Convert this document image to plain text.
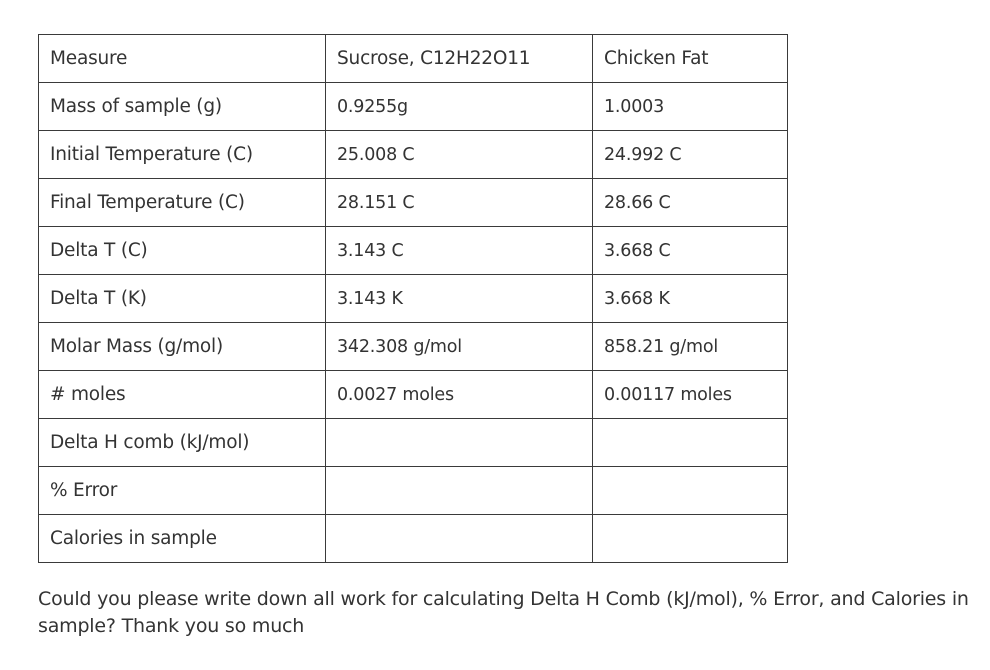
Measure	Sucrose, C12H22O11	Chicken Fat
Mass of sample (g)	0.9255g	1.0003
Initial Temperature (C)	25.008 C	24.992 C
Final Temperature (C)	28.151 C	28.66 C
Delta T (C)	3.143 C	3.668 C
Delta T (K)	3.143 K	3.668 K
Molar Mass (g/mol)	342.308 g/mol	858.21 g/mol
# moles	0.0027 moles	0.00117 moles
Delta H comb (kJ/mol)		
% Error		
Calories in sample		
Could you please write down all work for calculating Delta H Comb (kJ/mol), % Error, and Calories in sample? Thank you so much
